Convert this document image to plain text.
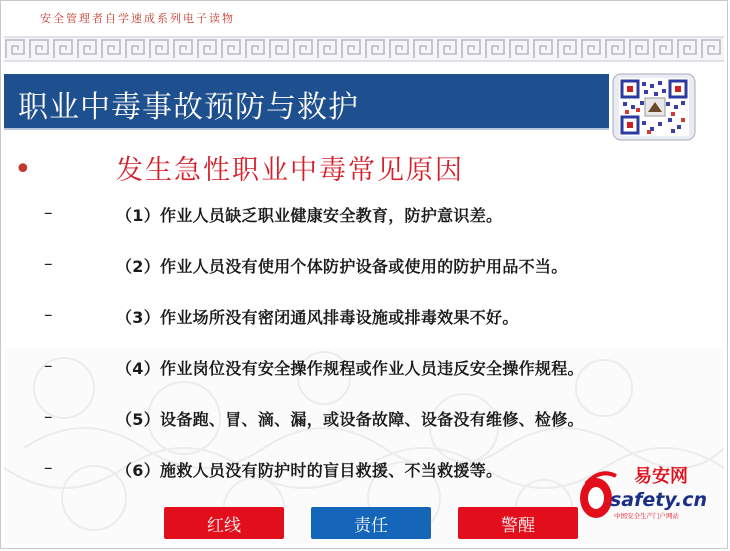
安全管理者自学速成系列电子读物
职业中毒事故预防与救护
•	发生急性职业中毒常见原因
–	（1）作业人员缺乏职业健康安全教育，防护意识差。
–	（2）作业人员没有使用个体防护设备或使用的防护用品不当。
–	（3）作业场所没有密闭通风排毒设施或排毒效果不好。
–	（4）作业岗位没有安全操作规程或作业人员违反安全操作规程。
–	（5）设备跑、冒、滴、漏，或设备故障、设备没有维修、检修。
–	（6）施救人员没有防护时的盲目救援、不当救援等。	易安网
safety.cn
中国安全生产门户网站
红线	责任	警醒
